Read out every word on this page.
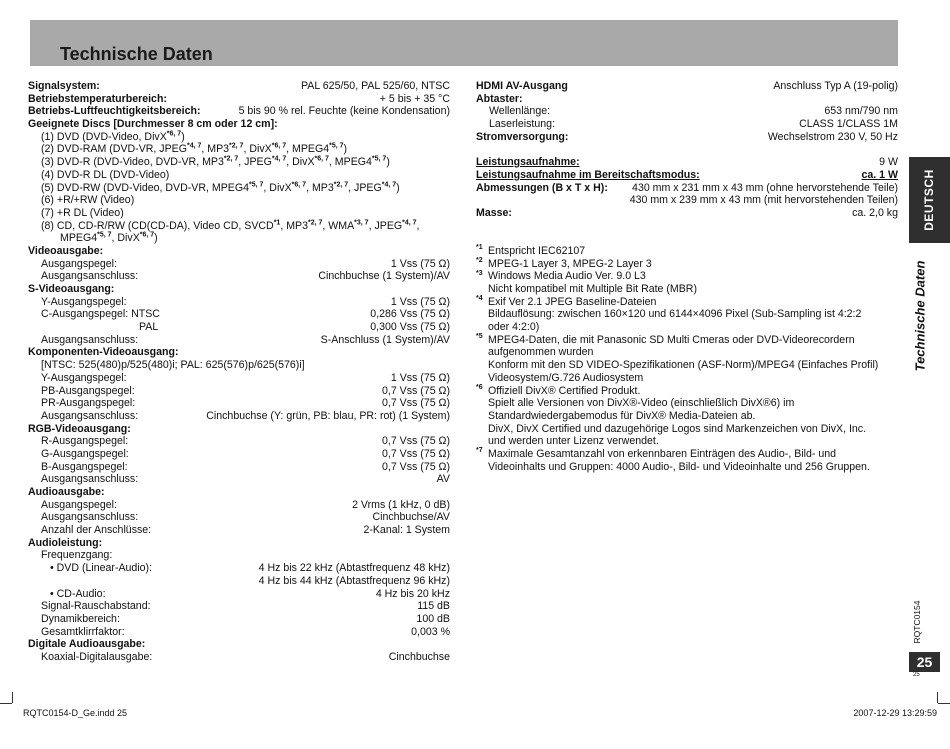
Technische Daten
Signalsystem:	PAL 625/50, PAL 525/60, NTSC
Betriebstemperaturbereich:	+ 5 bis + 35 °C
Betriebs-Luftfeuchtigkeitsbereich:	5 bis 90 % rel. Feuchte (keine Kondensation)
Geeignete Discs [Durchmesser 8 cm oder 12 cm]:
(1) DVD (DVD-Video, DivX$^{*6, 7}$)
(2) DVD-RAM (DVD-VR, JPEG$^{*4, 7}$, MP3$^{*2, 7}$, DivX$^{*6, 7}$, MPEG4$^{*5, 7}$)
(3) DVD-R (DVD-Video, DVD-VR, MP3$^{*2, 7}$, JPEG$^{*4, 7}$, DivX$^{*6, 7}$, MPEG4$^{*5, 7}$)
(4) DVD-R DL (DVD-Video)
(5) DVD-RW (DVD-Video, DVD-VR, MPEG4$^{*5, 7}$, DivX$^{*6, 7}$, MP3$^{*2, 7}$, JPEG$^{*4, 7}$)
(6) +R/+RW (Video)
(7) +R DL (Video)
(8) CD, CD-R/RW (CD(CD-DA), Video CD, SVCD$^{*1}$, MP3$^{*2, 7}$, WMA$^{*3, 7}$, JPEG$^{*4, 7}$,
MPEG4$^{*5, 7}$, DivX$^{*6, 7}$)
Videoausgabe:
Ausgangspegel:	1 Vss (75 Ω)
Ausgangsanschluss:	Cinchbuchse (1 System)/AV
S-Videoausgang:
Y-Ausgangspegel:	1 Vss (75 Ω)
C-Ausgangspegel: NTSC	0,286 Vss (75 Ω)
PAL	0,300 Vss (75 Ω)
Ausgangsanschluss:	S-Anschluss (1 System)/AV
Komponenten-Videoausgang:
[NTSC: 525(480)p/525(480)i; PAL: 625(576)p/625(576)i]
Y-Ausgangspegel:	1 Vss (75 Ω)
PB-Ausgangspegel:	0,7 Vss (75 Ω)
PR-Ausgangspegel:	0,7 Vss (75 Ω)
Ausgangsanschluss:	Cinchbuchse (Y: grün, PB: blau, PR: rot) (1 System)
RGB-Videoausgang:
R-Ausgangspegel:	0,7 Vss (75 Ω)
G-Ausgangspegel:	0,7 Vss (75 Ω)
B-Ausgangspegel:	0,7 Vss (75 Ω)
Ausgangsanschluss:	AV
Audioausgabe:
Ausgangspegel:	2 Vrms (1 kHz, 0 dB)
Ausgangsanschluss:	Cinchbuchse/AV
Anzahl der Anschlüsse:	2-Kanal: 1 System
Audioleistung:
Frequenzgang:
• DVD (Linear-Audio):	4 Hz bis 22 kHz (Abtastfrequenz 48 kHz)
4 Hz bis 44 kHz (Abtastfrequenz 96 kHz)
• CD-Audio:	4 Hz bis 20 kHz
Signal-Rauschabstand:	115 dB
Dynamikbereich:	100 dB
Gesamtklirrfaktor:	0,003 %
Digitale Audioausgabe:
Koaxial-Digitalausgabe:	Cinchbuchse
HDMI AV-Ausgang	Anschluss Typ A (19-polig)
Abtaster:
Wellenlänge:	653 nm/790 nm
Laserleistung:	CLASS 1/CLASS 1M
Stromversorgung:	Wechselstrom 230 V, 50 Hz
Leistungsaufnahme:	9 W
Leistungsaufnahme im Bereitschaftsmodus:	ca. 1 W
Abmessungen (B x T x H): 430 mm x 231 mm x 43 mm (ohne hervorstehende Teile)
430 mm x 239 mm x 43 mm (mit hervorstehenden Teilen)
Masse:	ca. 2,0 kg
$^{*1}$ Entspricht IEC62107
$^{*2}$ MPEG-1 Layer 3, MPEG-2 Layer 3
$^{*3}$ Windows Media Audio Ver. 9.0 L3
Nicht kompatibel mit Multiple Bit Rate (MBR)
$^{*4}$ Exif Ver 2.1 JPEG Baseline-Dateien
Bildauflösung: zwischen 160×120 und 6144×4096 Pixel (Sub-Sampling ist 4:2:2
oder 4:2:0)
$^{*5}$ MPEG4-Daten, die mit Panasonic SD Multi Cmeras oder DVD-Videorecordern
aufgenommen wurden
Konform mit den SD VIDEO-Spezifikationen (ASF-Norm)/MPEG4 (Einfaches Profil)
Videosystem/G.726 Audiosystem
$^{*6}$ Offiziell DivX® Certified Produkt.
Spielt alle Versionen von DivX®-Video (einschließlich DivX®6) im
Standardwiedergabemodus für DivX® Media-Dateien ab.
DivX, DivX Certified und dazugehörige Logos sind Markenzeichen von DivX, Inc.
und werden unter Lizenz verwendet.
$^{*7}$ Maximale Gesamtanzahl von erkennbaren Einträgen des Audio-, Bild- und
Videoinhalts und Gruppen: 4000 Audio-, Bild- und Videoinhalte und 256 Gruppen.
DEUTSCH
Technische Daten
RQTC0154
25
25
RQTC0154-D_Ge.indd 25	2007-12-29 13:29:59
